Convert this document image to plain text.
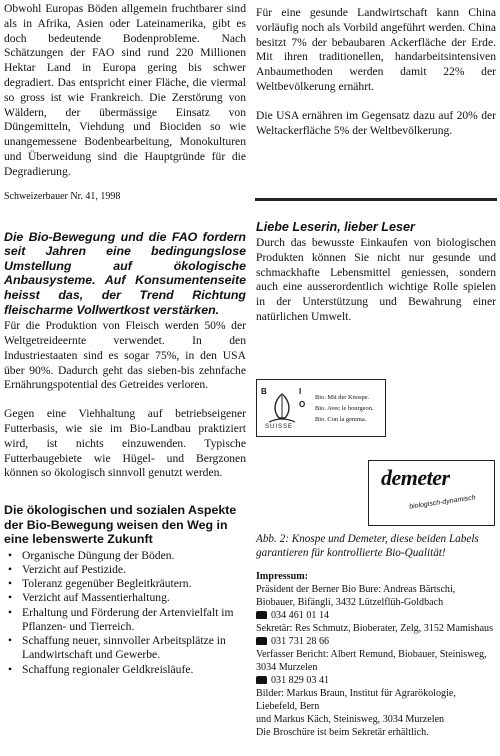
Obwohl Europas Böden allgemein fruchtbarer sind als in Afrika, Asien oder Lateinamerika, gibt es doch bedeutende Bodenprobleme. Nach Schätzungen der FAO sind rund 220 Millionen Hektar Land in Europa gering bis schwer degradiert. Das entspricht einer Fläche, die viermal so gross ist wie Frankreich. Die Zerstörung von Wäldern, der übermässige Einsatz von Düngemitteln, Viehdung und Biociden so wie unangemessene Bodenbearbeitung, Monokulturen und Überweidung sind die Hauptgründe für die Degradierung.

Schweizerbauer Nr. 41, 1998

Die Bio-Bewegung und die FAO fordern seit Jahren eine bedingungslose Umstellung auf ökologische Anbausysteme. Auf Konsumentenseite heisst das, der Trend Richtung fleischarme Vollwertkost verstärken.

Für die Produktion von Fleisch werden 50% der Weltgetreideernte verwendet. In den Industriestaaten sind es sogar 75%, in den USA über 90%. Dadurch geht das sieben-bis zehnfache Ernährungspotential des Getreides verloren.

Gegen eine Viehhaltung auf betriebseigener Futterbasis, wie sie im Bio-Landbau praktiziert wird, ist nichts einzuwenden. Typische Futterbaugebiete wie Hügel- und Bergzonen können so ökologisch sinnvoll genutzt werden.

Die ökologischen und sozialen Aspekte der Bio-Bewegung weisen den Weg in eine lebenswerte Zukunft

• Organische Düngung der Böden.
• Verzicht auf Pestizide.
• Toleranz gegenüber Begleitkräutern.
• Verzicht auf Massentierhaltung.
• Erhaltung und Förderung der Artenvielfalt im Pflanzen- und Tierreich.
• Schaffung neuer, sinnvoller Arbeitsplätze in Landwirtschaft und Gewerbe.
• Schaffung regionaler Geldkreisläufe.

Für eine gesunde Landwirtschaft kann China vorläufig noch als Vorbild angeführt werden. China besitzt 7% der bebaubaren Ackerfläche der Erde. Mit ihren traditionellen, handarbeitsintensiven Anbaumethoden werden damit 22% der Weltbevölkerung ernährt.

Die USA ernähren im Gegensatz dazu auf 20% der Weltackerfläche 5% der Weltbevölkerung.

Liebe Leserin, lieber Leser

Durch das bewusste Einkaufen von biologischen Produkten können Sie nicht nur gesunde und schmackhafte Lebensmittel geniessen, sondern auch eine ausserordentlich wichtige Rolle spielen in der Unterstützung und Bewahrung einer natürlichen Umwelt.

B	I
O
SUISSE
Bio. Mit der Knospe.
Bio. Avec le bourgeon.
Bio. Con la gemma.
demeter
biologisch-dynamisch

Abb. 2: Knospe und Demeter, diese beiden Labels garantieren für kontrollierte Bio-Qualität!

Impressum:

Präsident der Berner Bio Bure: Andreas Bärtschi, Biobauer, Bifängli, 3432 Lützelflüh-Goldbach

034 461 01 14

Sekretär: Res Schmutz, Bioberater, Zelg, 3152 Mamishaus

031 731 28 66

Verfasser Bericht: Albert Remund, Biobauer, Steinisweg, 3034 Murzelen

031 829 03 41

Bilder: Markus Braun, Institut für Agrarökologie, Liebefeld, Bern

und Markus Käch, Steinisweg, 3034 Murzelen

Die Broschüre ist beim Sekretär erhältlich.
